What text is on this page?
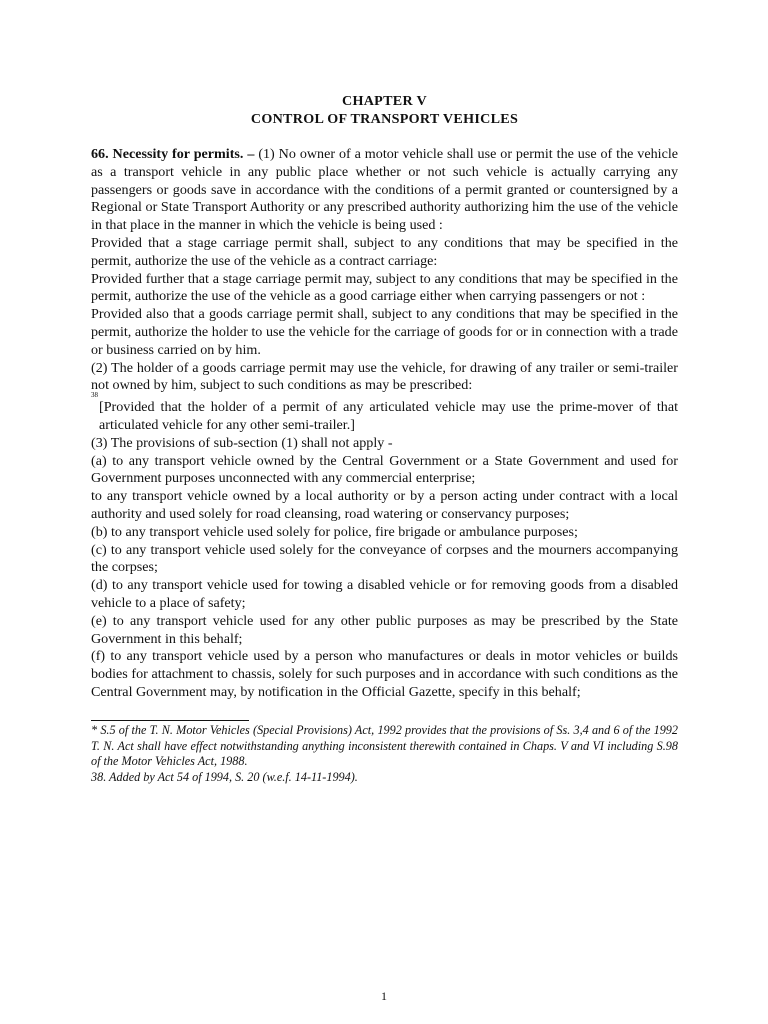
CHAPTER V
CONTROL OF TRANSPORT VEHICLES

66. Necessity for permits. – (1) No owner of a motor vehicle shall use or permit the use of the vehicle as a transport vehicle in any public place whether or not such vehicle is actually carrying any passengers or goods save in accordance with the conditions of a permit granted or countersigned by a Regional or State Transport Authority or any prescribed authority authorizing him the use of the vehicle in that place in the manner in which the vehicle is being used :

Provided that a stage carriage permit shall, subject to any conditions that may be specified in the permit, authorize the use of the vehicle as a contract carriage:

Provided further that a stage carriage permit may, subject to any conditions that may be specified in the permit, authorize the use of the vehicle as a good carriage either when carrying passengers or not :

Provided also that a goods carriage permit shall, subject to any conditions that may be specified in the permit, authorize the holder to use the vehicle for the carriage of goods for or in connection with a trade or business carried on by him.

(2) The holder of a goods carriage permit may use the vehicle, for drawing of any trailer or semi-trailer not owned by him, subject to such conditions as may be prescribed:

38

[Provided that the holder of a permit of any articulated vehicle may use the prime-mover of that articulated vehicle for any other semi-trailer.]

(3) The provisions of sub-section (1) shall not apply -

(a) to any transport vehicle owned by the Central Government or a State Government and used for Government purposes unconnected with any commercial enterprise;

to any transport vehicle owned by a local authority or by a person acting under contract with a local authority and used solely for road cleansing, road watering or conservancy purposes;

(b) to any transport vehicle used solely for police, fire brigade or ambulance purposes;

(c) to any transport vehicle used solely for the conveyance of corpses and the mourners accompanying the corpses;

(d) to any transport vehicle used for towing a disabled vehicle or for removing goods from a disabled vehicle to a place of safety;

(e) to any transport vehicle used for any other public purposes as may be prescribed by the State Government in this behalf;

(f) to any transport vehicle used by a person who manufactures or deals in motor vehicles or builds bodies for attachment to chassis, solely for such purposes and in accordance with such conditions as the Central Government may, by notification in the Official Gazette, specify in this behalf;

* S.5 of the T. N. Motor Vehicles (Special Provisions) Act, 1992 provides that the provisions of Ss. 3,4 and 6 of the 1992 T. N. Act shall have effect notwithstanding anything inconsistent therewith contained in Chaps. V and VI including S.98 of the Motor Vehicles Act, 1988.

38. Added by Act 54 of 1994, S. 20 (w.e.f. 14-11-1994).

1
